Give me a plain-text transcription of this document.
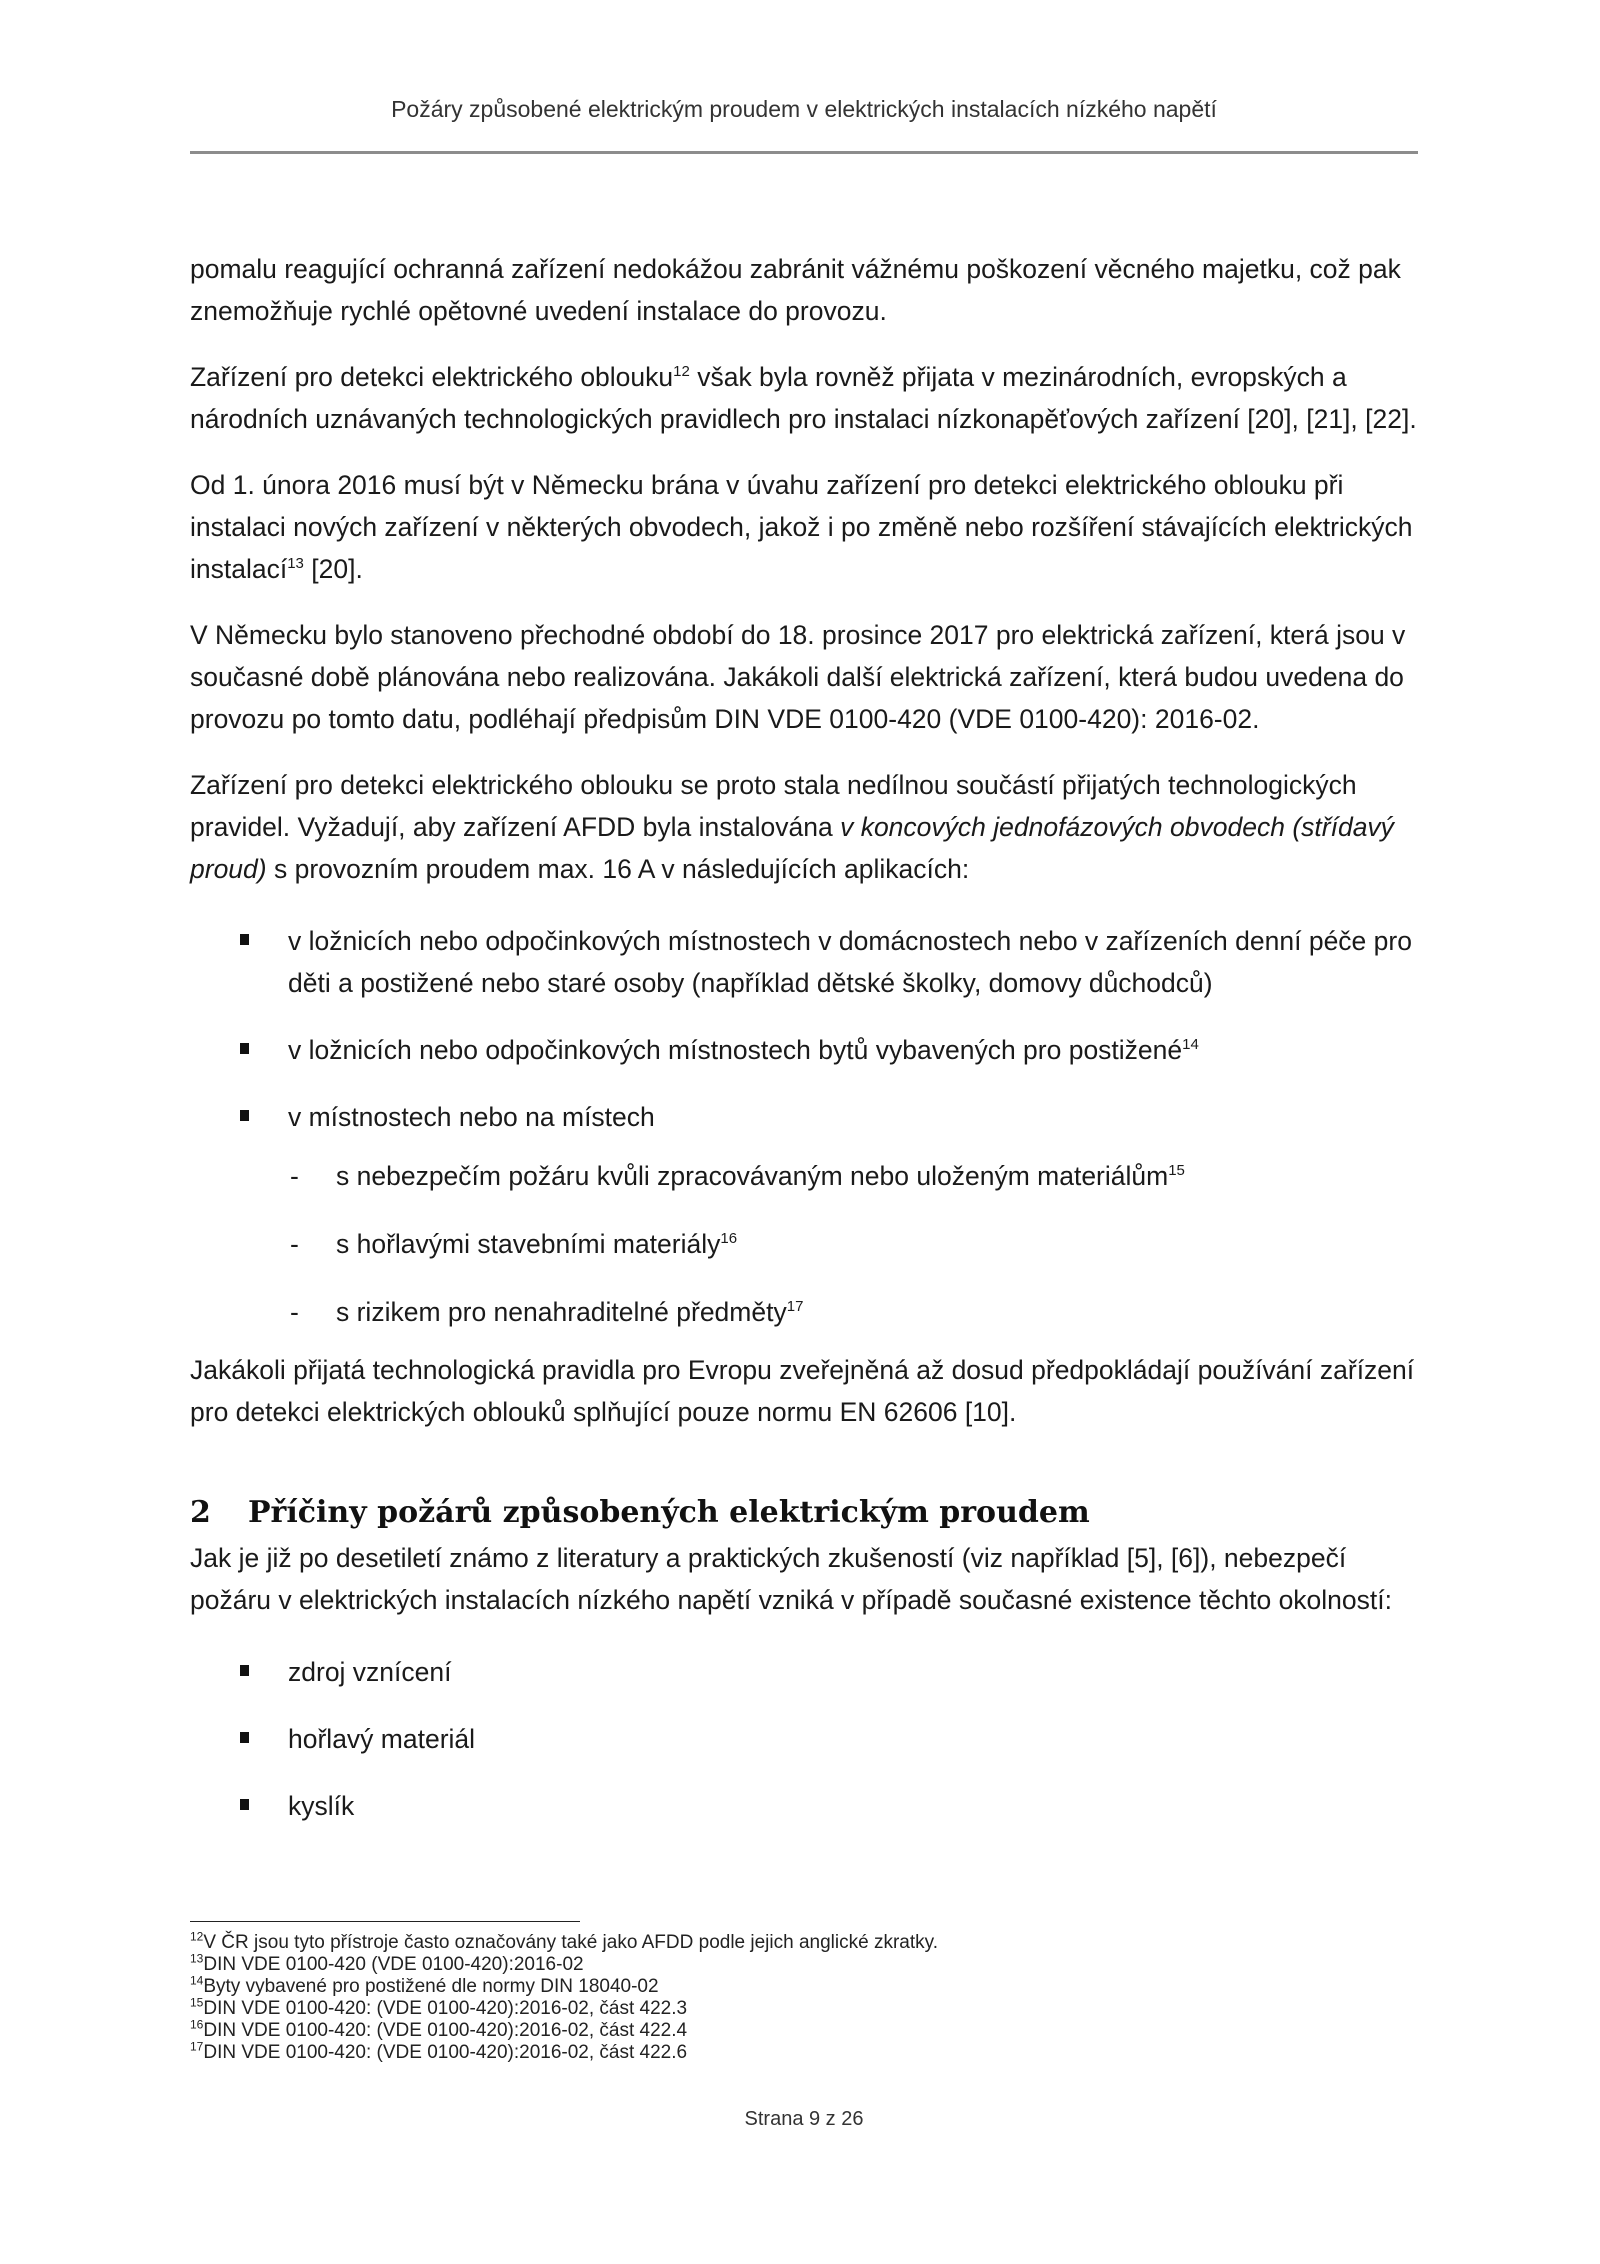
Požáry způsobené elektrickým proudem v elektrických instalacích nízkého napětí

pomalu reagující ochranná zařízení nedokážou zabránit vážnému poškození věcného majetku, což pak znemožňuje rychlé opětovné uvedení instalace do provozu.

Zařízení pro detekci elektrického oblouku$^{12}$ však byla rovněž přijata v mezinárodních, evropských a národních uznávaných technologických pravidlech pro instalaci nízkonapěťových zařízení [20], [21], [22].

Od 1. února 2016 musí být v Německu brána v úvahu zařízení pro detekci elektrického oblouku při instalaci nových zařízení v některých obvodech, jakož i po změně nebo rozšíření stávajících elektrických instalací$^{13}$ [20].

V Německu bylo stanoveno přechodné období do 18. prosince 2017 pro elektrická zařízení, která jsou v současné době plánována nebo realizována. Jakákoli další elektrická zařízení, která budou uvedena do provozu po tomto datu, podléhají předpisům DIN VDE 0100-420 (VDE 0100-420): 2016-02.

Zařízení pro detekci elektrického oblouku se proto stala nedílnou součástí přijatých technologických pravidel. Vyžadují, aby zařízení AFDD byla instalována v koncových jednofázových obvodech (střídavý proud) s provozním proudem max. 16 A v následujících aplikacích:

v ložnicích nebo odpočinkových místnostech v domácnostech nebo v zařízeních denní péče pro děti a postižené nebo staré osoby (například dětské školky, domovy důchodců)
v ložnicích nebo odpočinkových místnostech bytů vybavených pro postižené$^{14}$
v místnostech nebo na místech
- s nebezpečím požáru kvůli zpracovávaným nebo uloženým materiálům$^{15}$
- s hořlavými stavebními materiály$^{16}$
- s rizikem pro nenahraditelné předměty$^{17}$

Jakákoli přijatá technologická pravidla pro Evropu zveřejněná až dosud předpokládají používání zařízení pro detekci elektrických oblouků splňující pouze normu EN 62606 [10].

2 Příčiny požárů způsobených elektrickým proudem

Jak je již po desetiletí známo z literatury a praktických zkušeností (viz například [5], [6]), nebezpečí požáru v elektrických instalacích nízkého napětí vzniká v případě současné existence těchto okolností:

zdroj vznícení
hořlavý materiál
kyslík
$^{12}$V ČR jsou tyto přístroje často označovány také jako AFDD podle jejich anglické zkratky.
$^{13}$DIN VDE 0100-420 (VDE 0100-420):2016-02
$^{14}$Byty vybavené pro postižené dle normy DIN 18040-02
$^{15}$DIN VDE 0100-420: (VDE 0100-420):2016-02, část 422.3
$^{16}$DIN VDE 0100-420: (VDE 0100-420):2016-02, část 422.4
$^{17}$DIN VDE 0100-420: (VDE 0100-420):2016-02, část 422.6
Strana 9 z 26
